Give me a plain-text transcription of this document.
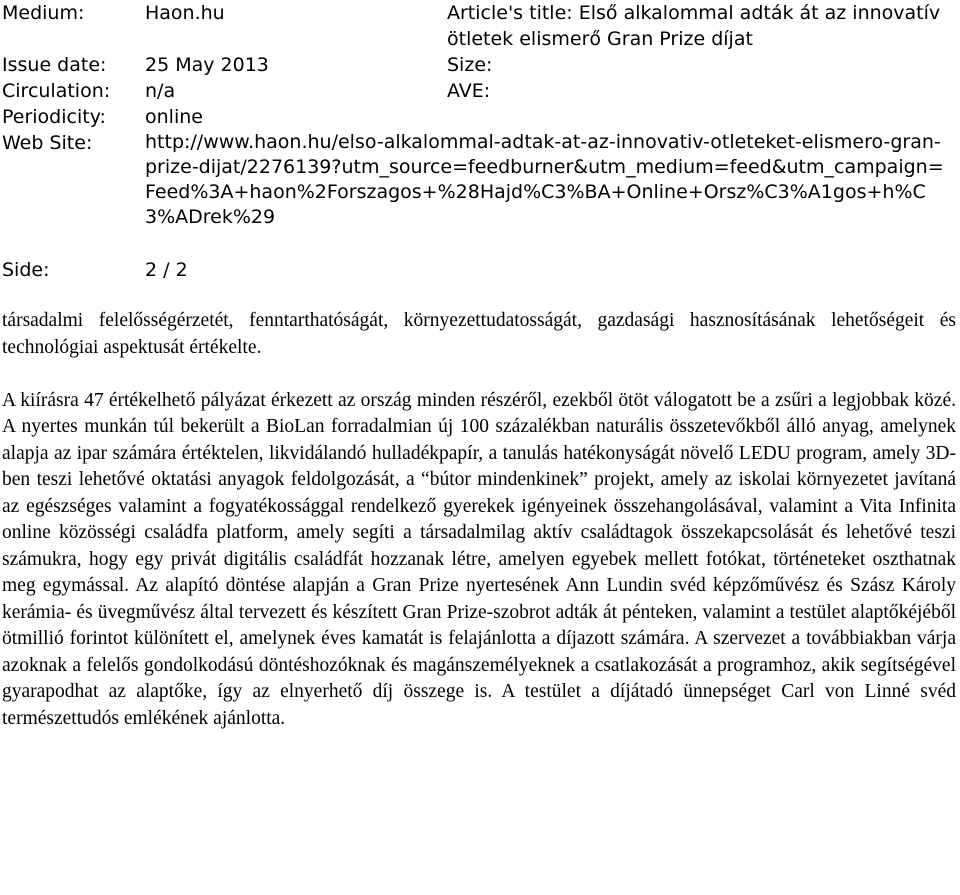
Medium:	Haon.hu	Article's title: Első alkalommal adták át az innovatív ötletek elismerő Gran Prize díjat
Issue date: 25 May 2013	Size:
Circulation: n/a	AVE:
Periodicity: online
Web Site:	http://www.haon.hu/elso-alkalommal-adtak-at-az-innovativ-otleteket-elismero-gran-prize-dijat/2276139?utm_source=feedburner&utm_medium=feed&utm_campaign=Feed%3A+haon%2Forszagos+%28Hajd%C3%BA+Online+Orsz%C3%A1gos+h%C3%ADrek%29
Side:	2 / 2

társadalmi felelősségérzetét, fenntarthatóságát, környezettudatosságát, gazdasági hasznosításának lehetőségeit és technológiai aspektusát értékelte.

A kiírásra 47 értékelhető pályázat érkezett az ország minden részéről, ezekből ötöt válogatott be a zsűri a legjobbak közé. A nyertes munkán túl bekerült a BioLan forradalmian új 100 százalékban naturális összetevőkből álló anyag, amelynek alapja az ipar számára értéktelen, likvidálandó hulladékpapír, a tanulás hatékonyságát növelő LEDU program, amely 3D-ben teszi lehetővé oktatási anyagok feldolgozását, a “bútor mindenkinek” projekt, amely az iskolai környezetet javítaná az egészséges valamint a fogyatékossággal rendelkező gyerekek igényeinek összehangolásával, valamint a Vita Infinita online közösségi családfa platform, amely segíti a társadalmilag aktív családtagok összekapcsolását és lehetővé teszi számukra, hogy egy privát digitális családfát hozzanak létre, amelyen egyebek mellett fotókat, történeteket oszthatnak meg egymással. Az alapító döntése alapján a Gran Prize nyertesének Ann Lundin svéd képzőművész és Szász Károly kerámia- és üvegművész által tervezett és készített Gran Prize-szobrot adták át pénteken, valamint a testület alaptőkéjéből ötmillió forintot különített el, amelynek éves kamatát is felajánlotta a díjazott számára. A szervezet a továbbiakban várja azoknak a felelős gondolkodású döntéshozóknak és magánszemélyeknek a csatlakozását a programhoz, akik segítségével gyarapodhat az alaptőke, így az elnyerhető díj összege is. A testület a díjátadó ünnepséget Carl von Linné svéd természettudós emlékének ajánlotta.
